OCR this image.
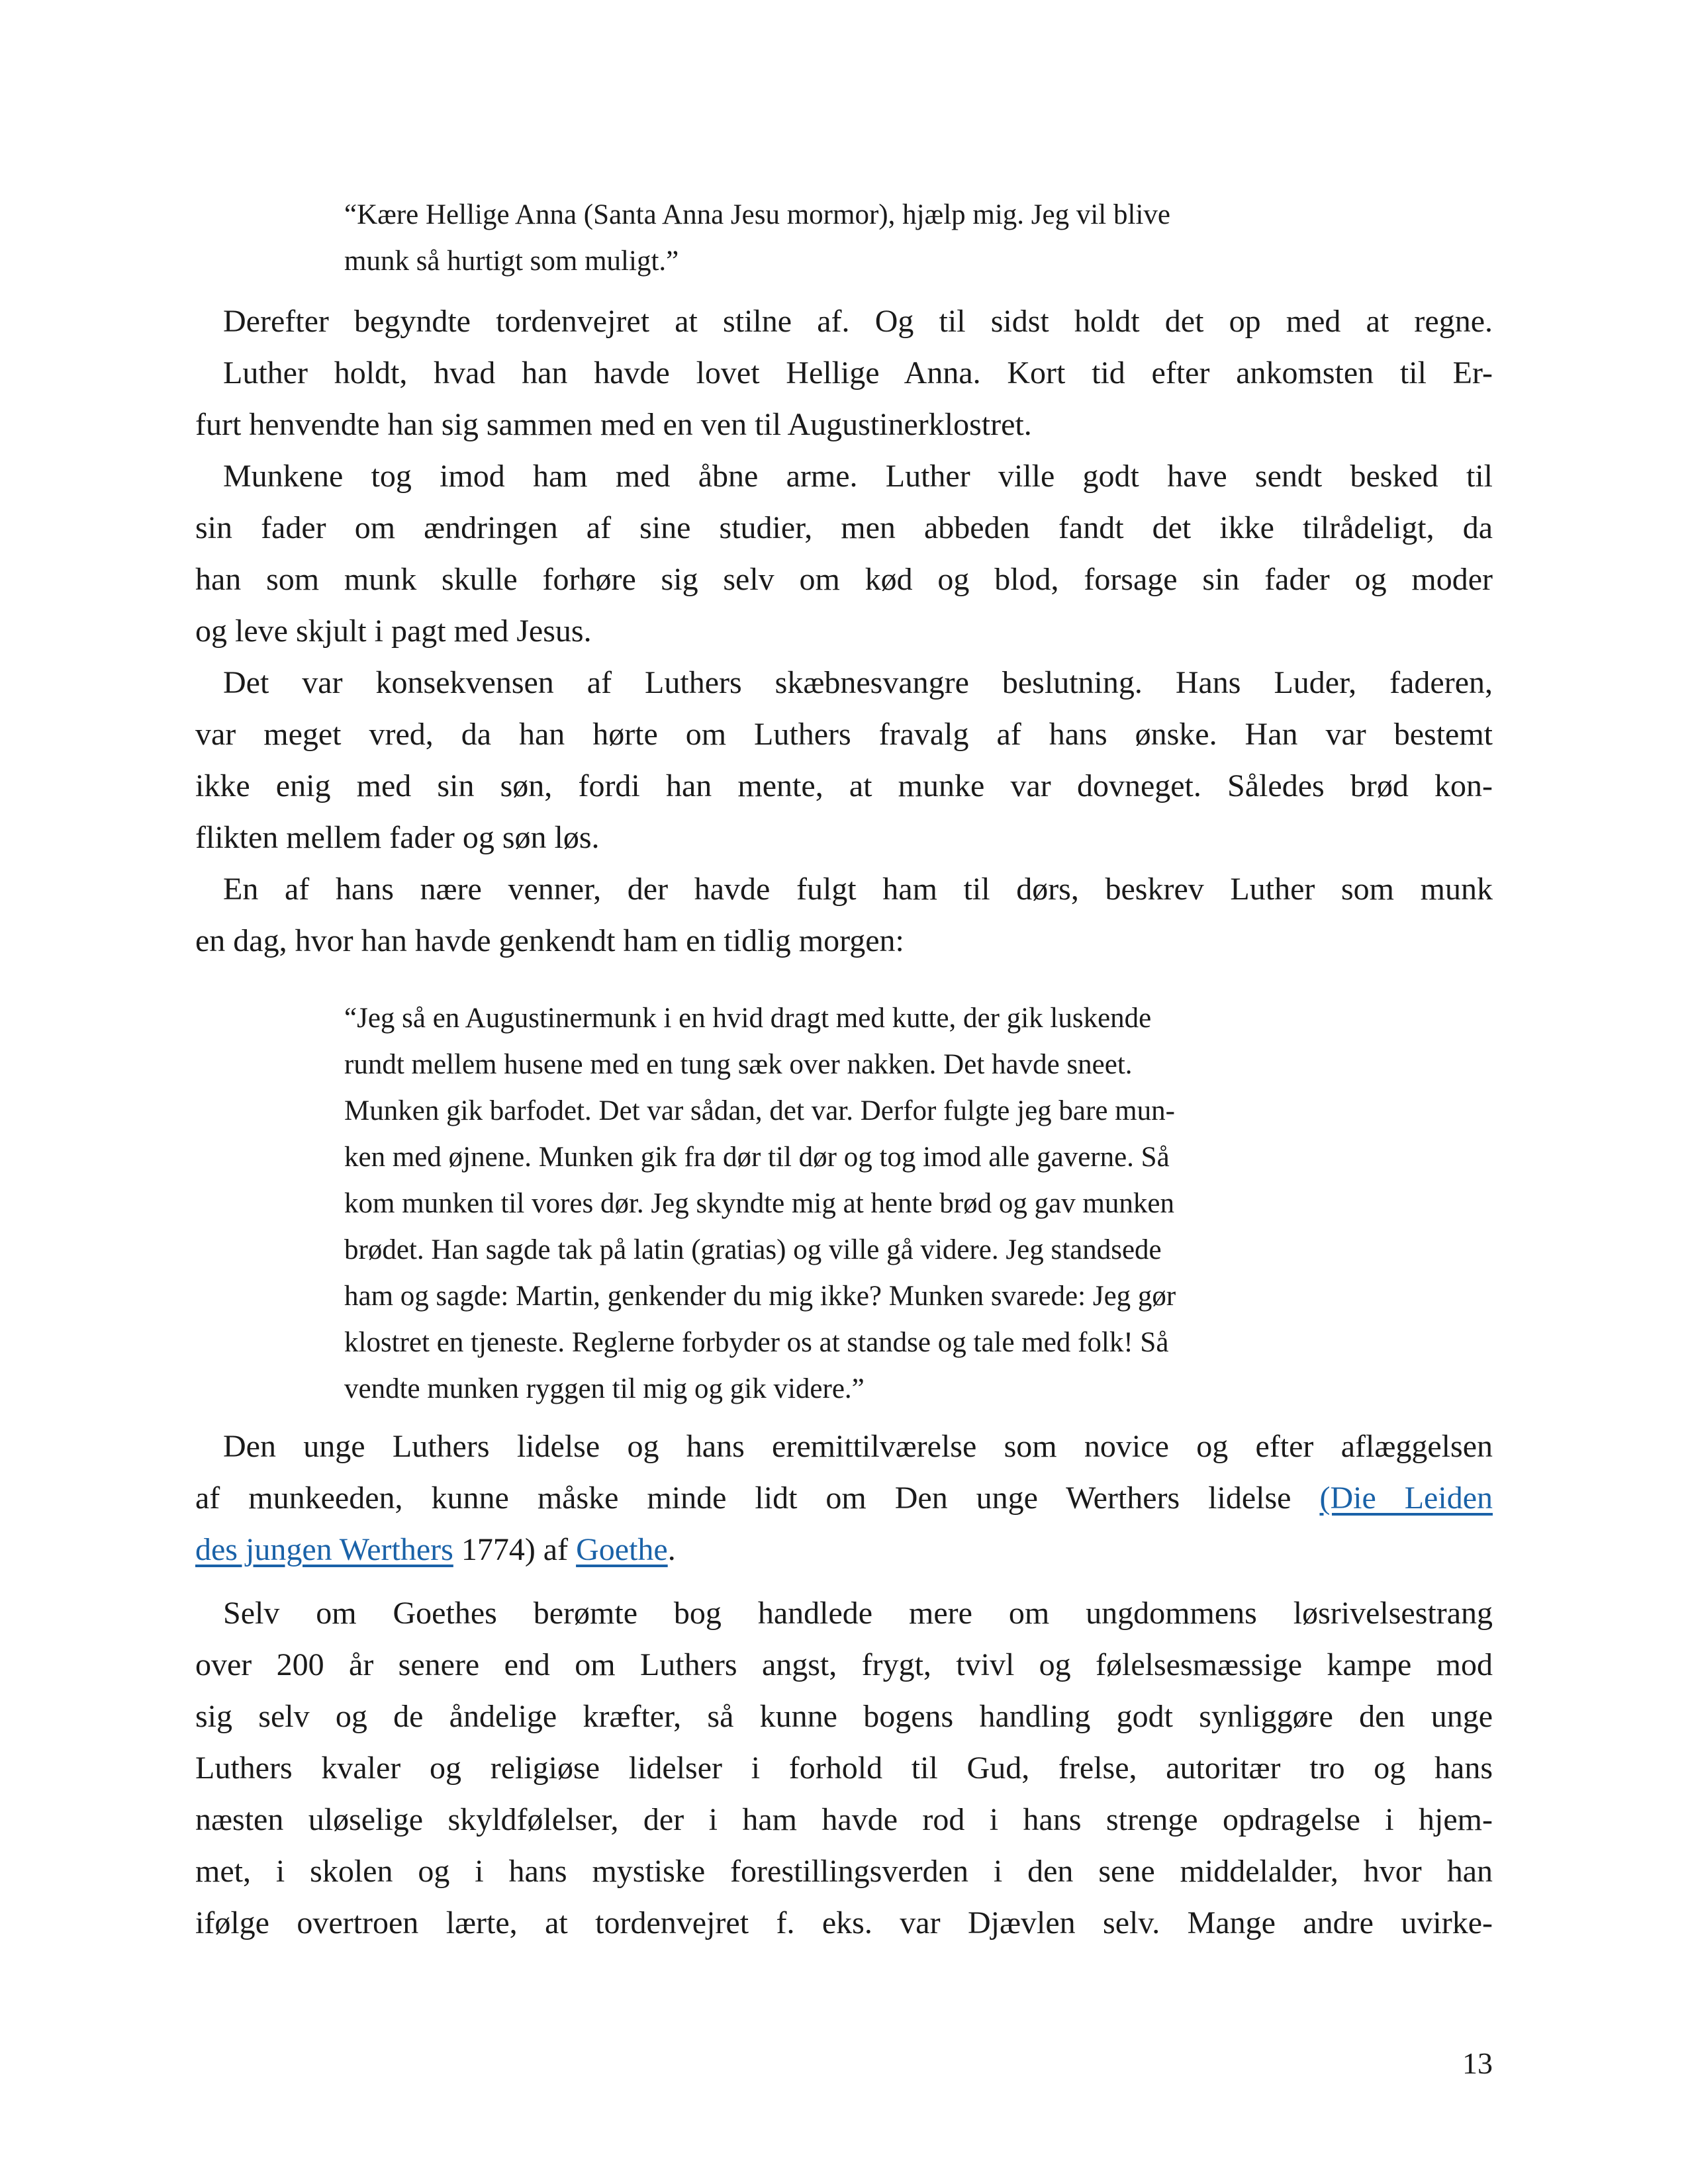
“Kære Hellige Anna (Santa Anna Jesu mormor), hjælp mig. Jeg vil blive
munk så hurtigt som muligt.”
Derefter begyndte tordenvejret at stilne af. Og til sidst holdt det op med at regne.
Luther holdt, hvad han havde lovet Hellige Anna. Kort tid efter ankomsten til Er-
furt henvendte han sig sammen med en ven til Augustinerklostret.
Munkene tog imod ham med åbne arme. Luther ville godt have sendt besked til
sin fader om ændringen af sine studier, men abbeden fandt det ikke tilrådeligt, da
han som munk skulle forhøre sig selv om kød og blod, forsage sin fader og moder
og leve skjult i pagt med Jesus.
Det var konsekvensen af Luthers skæbnesvangre beslutning. Hans Luder, faderen,
var meget vred, da han hørte om Luthers fravalg af hans ønske. Han var bestemt
ikke enig med sin søn, fordi han mente, at munke var dovneget. Således brød kon-
flikten mellem fader og søn løs.
En af hans nære venner, der havde fulgt ham til dørs, beskrev Luther som munk
en dag, hvor han havde genkendt ham en tidlig morgen:
“Jeg så en Augustinermunk i en hvid dragt med kutte, der gik luskende
rundt mellem husene med en tung sæk over nakken. Det havde sneet.
Munken gik barfodet. Det var sådan, det var. Derfor fulgte jeg bare mun-
ken med øjnene. Munken gik fra dør til dør og tog imod alle gaverne. Så
kom munken til vores dør. Jeg skyndte mig at hente brød og gav munken
brødet. Han sagde tak på latin (gratias) og ville gå videre. Jeg standsede
ham og sagde: Martin, genkender du mig ikke? Munken svarede: Jeg gør
klostret en tjeneste. Reglerne forbyder os at standse og tale med folk! Så
vendte munken ryggen til mig og gik videre.”
Den unge Luthers lidelse og hans eremittilværelse som novice og efter aflæggelsen
af munkeeden, kunne måske minde lidt om Den unge Werthers lidelse (Die Leiden
des jungen Werthers 1774) af Goethe.
Selv om Goethes berømte bog handlede mere om ungdommens løsrivelsestrang
over 200 år senere end om Luthers angst, frygt, tvivl og følelsesmæssige kampe mod
sig selv og de åndelige kræfter, så kunne bogens handling godt synliggøre den unge
Luthers kvaler og religiøse lidelser i forhold til Gud, frelse, autoritær tro og hans
næsten uløselige skyldfølelser, der i ham havde rod i hans strenge opdragelse i hjem-
met, i skolen og i hans mystiske forestillingsverden i den sene middelalder, hvor han
ifølge overtroen lærte, at tordenvejret f. eks. var Djævlen selv. Mange andre uvirke-
13
